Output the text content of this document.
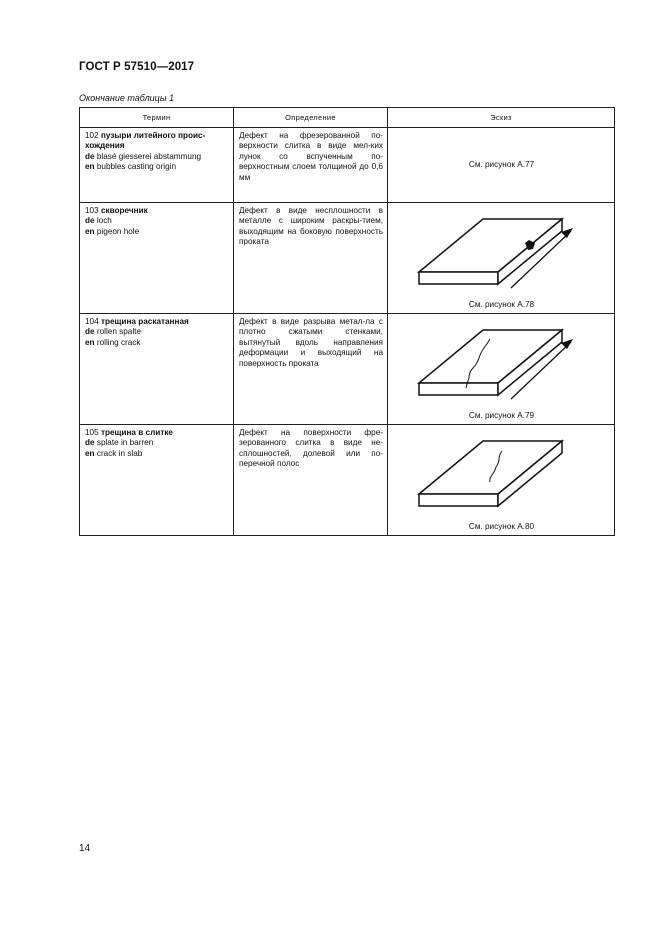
ГОСТ Р 57510—2017
Окончание таблицы 1
Термин	Определение	Эскиз
102 пузыри литейного проис-хождения
de blasé giesserei abstammung
en bubbles casting origin	Дефект на фрезерованной по-верхности слитка в виде мел-ких лунок со вспученным по-верхностным слоем толщиной до 0,6 мм	См. рисунок А.77

103 скворечник
de loch
en pigeon hole	Дефект в виде несплошности в металле с широким раскры-тием, выходящим на боковую поверхность проката	См. рисунок А.78

104 трещина раскатанная
de rollen spalte
en rolling crack	Дефект в виде разрыва метал-ла с плотно сжатыми стенками, вытянутый вдоль направления деформации и выходящий на поверхность проката	См. рисунок А.79

105 трещина в слитке
de splate in barren
en crack in slab	Дефект на поверхности фре-зерованного слитка в виде не-сплошностей, долевой или по-перечной полос	См. рисунок А.80
14
